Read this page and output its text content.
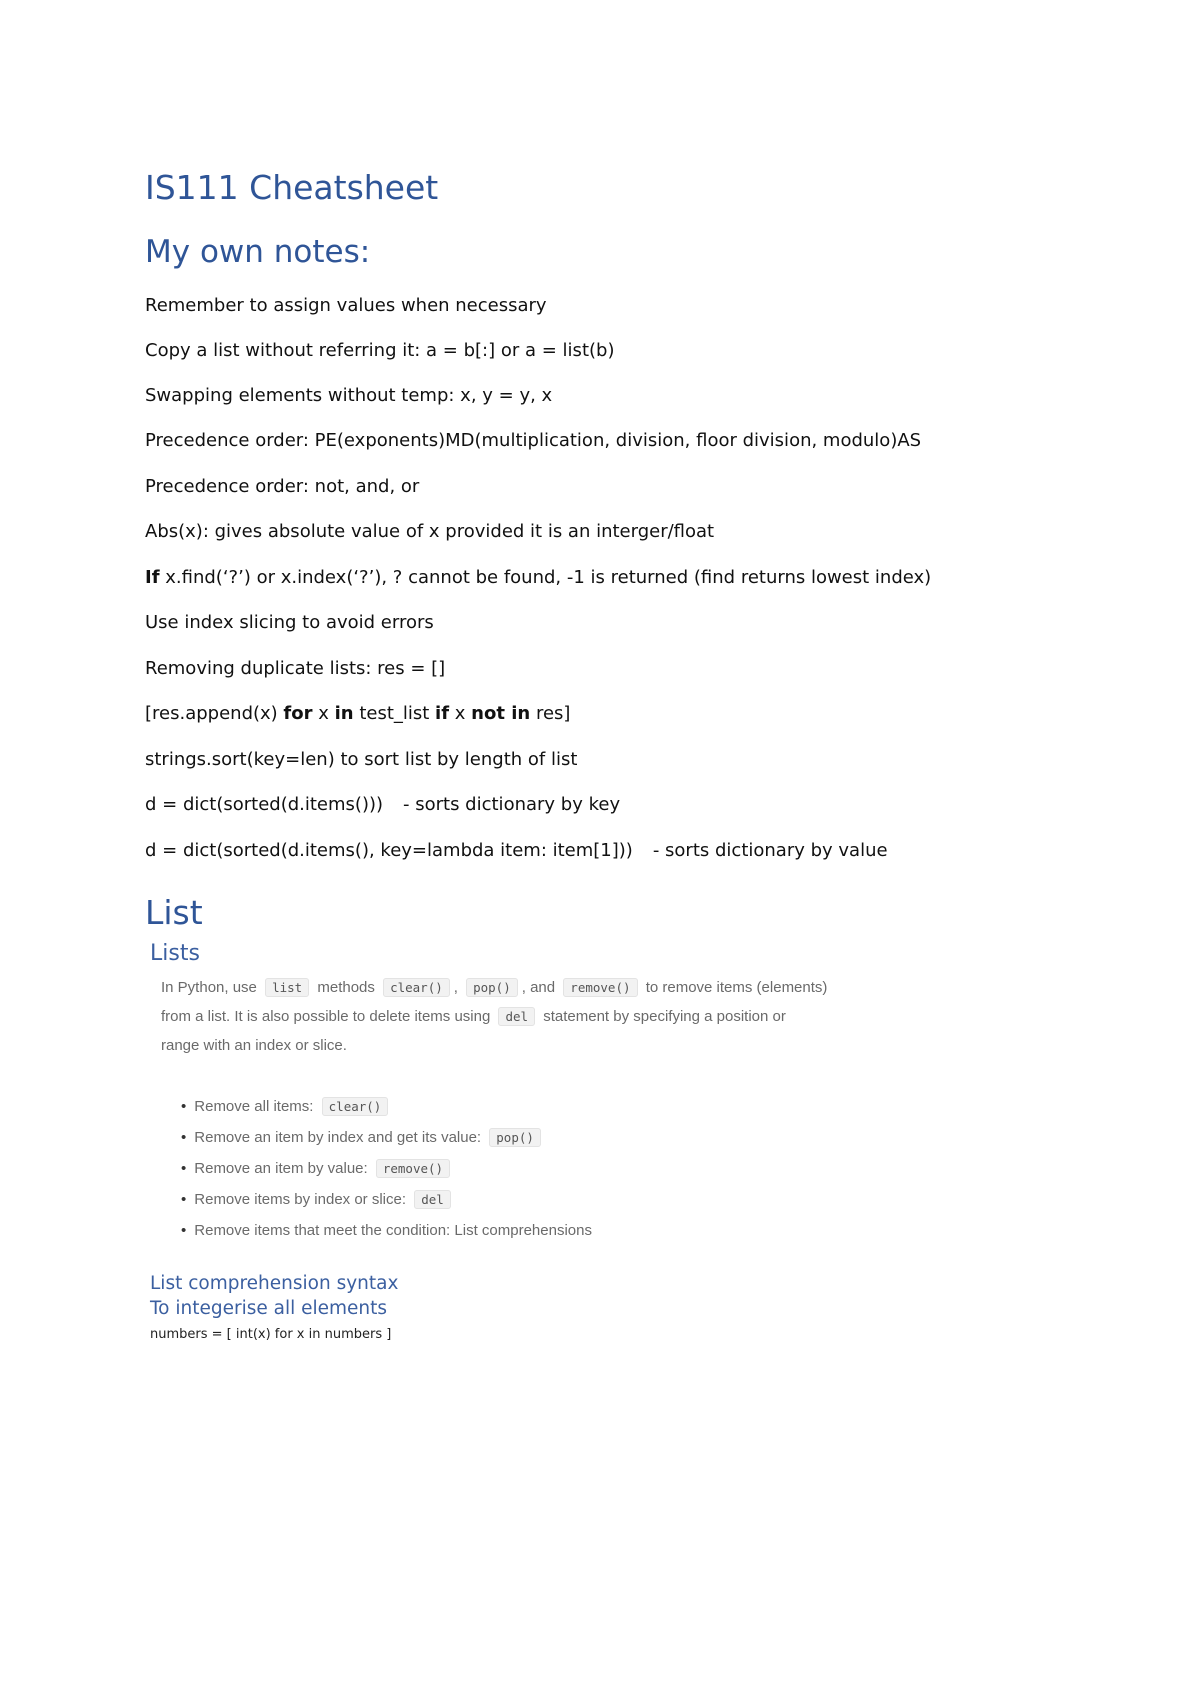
IS111 Cheatsheet
My own notes:
Remember to assign values when necessary
Copy a list without referring it: a = b[:] or a = list(b)
Swapping elements without temp: x, y = y, x
Precedence order: PE(exponents)MD(multiplication, division, floor division, modulo)AS
Precedence order: not, and, or
Abs(x): gives absolute value of x provided it is an interger/float
If x.find(‘?’) or x.index(‘?’), ? cannot be found, -1 is returned (find returns lowest index)
Use index slicing to avoid errors
Removing duplicate lists: res = []
[res.append(x) for x in test_list if x not in res]
strings.sort(key=len) to sort list by length of list
d = dict(sorted(d.items())) - sorts dictionary by key
d = dict(sorted(d.items(), key=lambda item: item[1])) - sorts dictionary by value
List
Lists
In Python, use list methods clear() , pop() , and remove() to remove items (elements)
from a list. It is also possible to delete items using del statement by specifying a position or
range with an index or slice.
• Remove all items: clear()
• Remove an item by index and get its value: pop()
• Remove an item by value: remove()
• Remove items by index or slice: del
• Remove items that meet the condition: List comprehensions
List comprehension syntax
To integerise all elements
numbers = [ int(x) for x in numbers ]
